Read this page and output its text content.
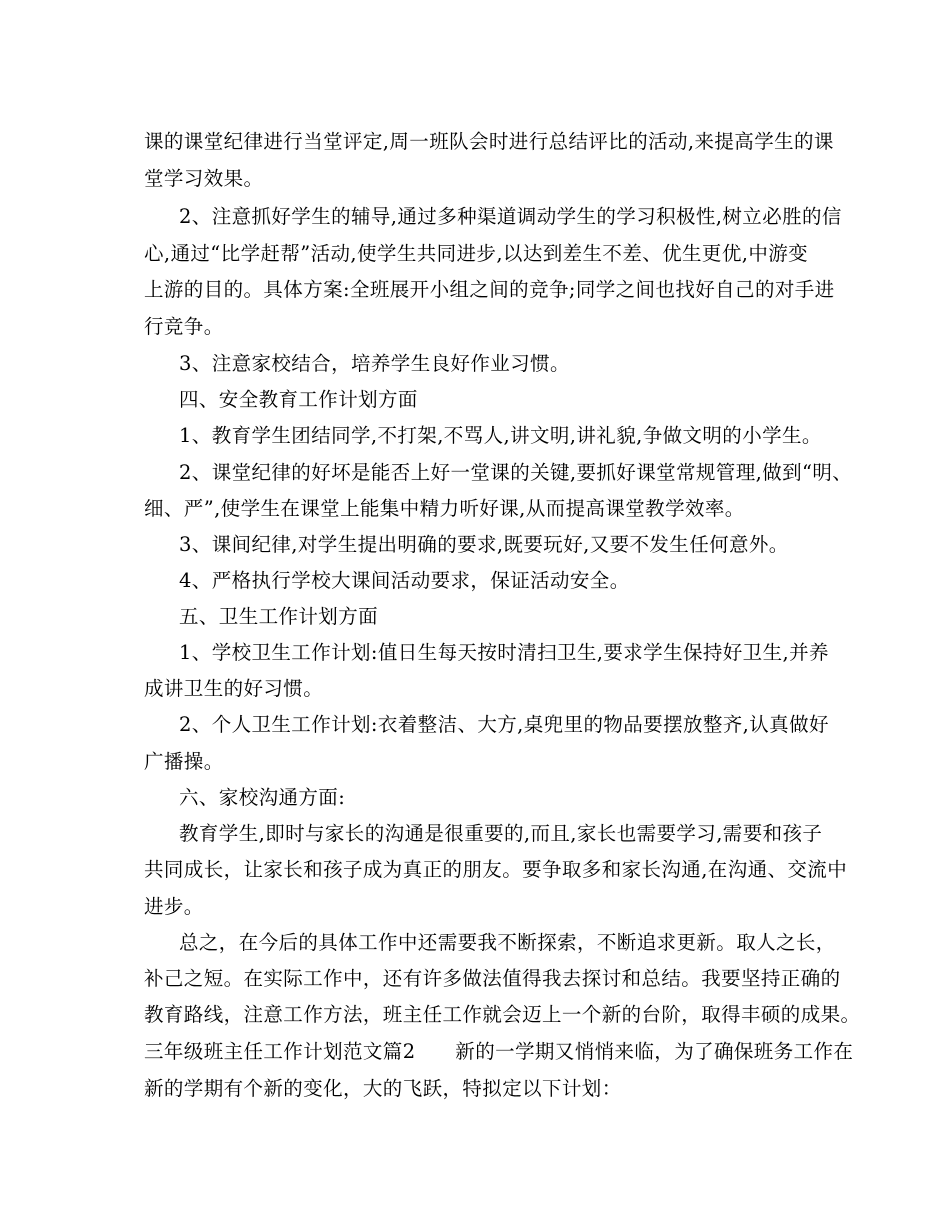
课的课堂纪律进行当堂评定,周一班队会时进行总结评比的活动,来提高学生的课
堂学习效果。
2、注意抓好学生的辅导,通过多种渠道调动学生的学习积极性,树立必胜的信
心,通过“比学赶帮”活动,使学生共同进步,以达到差生不差、优生更优,中游变
上游的目的。具体方案:全班展开小组之间的竞争;同学之间也找好自己的对手进
行竞争。
3、注意家校结合，培养学生良好作业习惯。
四、安全教育工作计划方面
1、教育学生团结同学,不打架,不骂人,讲文明,讲礼貌,争做文明的小学生。
2、课堂纪律的好坏是能否上好一堂课的关键,要抓好课堂常规管理,做到“明、
细、严”,使学生在课堂上能集中精力听好课,从而提高课堂教学效率。
3、课间纪律,对学生提出明确的要求,既要玩好,又要不发生任何意外。
4、严格执行学校大课间活动要求，保证活动安全。
五、卫生工作计划方面
1、学校卫生工作计划:值日生每天按时清扫卫生,要求学生保持好卫生,并养
成讲卫生的好习惯。
2、个人卫生工作计划:衣着整洁、大方,桌兜里的物品要摆放整齐,认真做好
广播操。
六、家校沟通方面:
教育学生,即时与家长的沟通是很重要的,而且,家长也需要学习,需要和孩子
共同成长，让家长和孩子成为真正的朋友。要争取多和家长沟通,在沟通、交流中
进步。
总之，在今后的具体工作中还需要我不断探索，不断追求更新。取人之长，
补己之短。在实际工作中，还有许多做法值得我去探讨和总结。我要坚持正确的
教育路线，注意工作方法，班主任工作就会迈上一个新的台阶，取得丰硕的成果。
三年级班主任工作计划范文篇2　　新的一学期又悄悄来临，为了确保班务工作在
新的学期有个新的变化，大的飞跃，特拟定以下计划：
